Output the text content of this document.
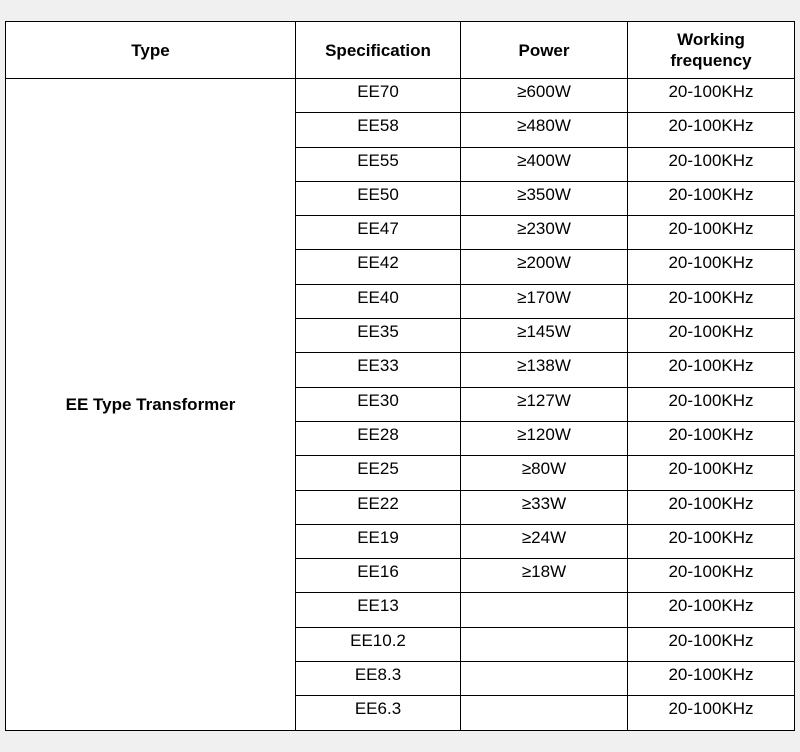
Type	Specification	Power	Working frequency
EE Type Transformer	EE70	≥600W	20-100KHz
	EE58	≥480W	20-100KHz
	EE55	≥400W	20-100KHz
	EE50	≥350W	20-100KHz
	EE47	≥230W	20-100KHz
	EE42	≥200W	20-100KHz
	EE40	≥170W	20-100KHz
	EE35	≥145W	20-100KHz
	EE33	≥138W	20-100KHz
	EE30	≥127W	20-100KHz
	EE28	≥120W	20-100KHz
	EE25	≥80W	20-100KHz
	EE22	≥33W	20-100KHz
	EE19	≥24W	20-100KHz
	EE16	≥18W	20-100KHz
	EE13		20-100KHz
	EE10.2		20-100KHz
	EE8.3		20-100KHz
	EE6.3		20-100KHz
